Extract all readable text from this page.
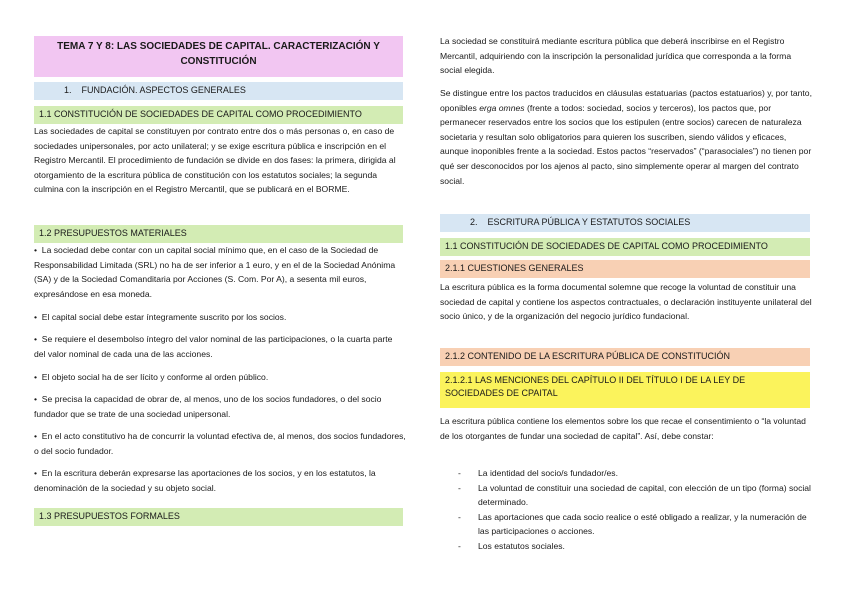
TEMA 7 Y 8: LAS SOCIEDADES DE CAPITAL. CARACTERIZACIÓN Y CONSTITUCIÓN
1. FUNDACIÓN. ASPECTOS GENERALES
1.1 CONSTITUCIÓN DE SOCIEDADES DE CAPITAL COMO PROCEDIMIENTO

Las sociedades de capital se constituyen por contrato entre dos o más personas o, en caso de sociedades unipersonales, por acto unilateral; y se exige escritura pública e inscripción en el Registro Mercantil. El procedimiento de fundación se divide en dos fases: la primera, dirigida al otorgamiento de la escritura pública de constitución con los estatutos sociales; la segunda culmina con la inscripción en el Registro Mercantil, que se publicará en el BORME.

1.2 PRESUPUESTOS MATERIALES

•  La sociedad debe contar con un capital social mínimo que, en el caso de la Sociedad de Responsabilidad Limitada (SRL) no ha de ser inferior a 1 euro, y en el de la Sociedad Anónima (SA) y de la Sociedad Comanditaria por Acciones (S. Com. Por A), a sesenta mil euros, expresándose en esa moneda.

•  El capital social debe estar íntegramente suscrito por los socios.

•  Se requiere el desembolso íntegro del valor nominal de las participaciones, o la cuarta parte del valor nominal de cada una de las acciones.

•  El objeto social ha de ser lícito y conforme al orden público.

•  Se precisa la capacidad de obrar de, al menos, uno de los socios fundadores, o del socio fundador que se trate de una sociedad unipersonal.

•  En el acto constitutivo ha de concurrir la voluntad efectiva de, al menos, dos socios fundadores, o del socio fundador.

•  En la escritura deberán expresarse las aportaciones de los socios, y en los estatutos, la denominación de la sociedad y su objeto social.

1.3 PRESUPUESTOS FORMALES

La sociedad se constituirá mediante escritura pública que deberá inscribirse en el Registro Mercantil, adquiriendo con la inscripción la personalidad jurídica que corresponda a la forma social elegida.

Se distingue entre los pactos traducidos en cláusulas estatuarias (pactos estatuarios) y, por tanto, oponibles erga omnes (frente a todos: sociedad, socios y terceros), los pactos que, por permanecer reservados entre los socios que los estipulen (entre socios) carecen de naturaleza societaria y resultan solo obligatorios para quieren los suscriben, siendo válidos y eficaces, aunque inoponibles frente a la sociedad. Estos pactos “reservados” (“parasociales”) no tienen por qué ser desconocidos por los ajenos al pacto, sino simplemente operar al margen del contrato social.

2. ESCRITURA PÚBLICA Y ESTATUTOS SOCIALES
1.1 CONSTITUCIÓN DE SOCIEDADES DE CAPITAL COMO PROCEDIMIENTO
2.1.1 CUESTIONES GENERALES

La escritura pública es la forma documental solemne que recoge la voluntad de constituir una sociedad de capital y contiene los aspectos contractuales, o declaración instituyente unilateral del socio único, y de la organización del negocio jurídico fundacional.

2.1.2 CONTENIDO DE LA ESCRITURA PÚBLICA DE CONSTITUCIÓN
2.1.2.1 LAS MENCIONES DEL CAPÍTULO II DEL TÍTULO I DE LA LEY DE SOCIEDADES DE CPAITAL

La escritura pública contiene los elementos sobre los que recae el consentimiento o “la voluntad de los otorgantes de fundar una sociedad de capital”. Así, debe constar:

- La identidad del socio/s fundador/es.
- La voluntad de constituir una sociedad de capital, con elección de un tipo (forma) social determinado.
- Las aportaciones que cada socio realice o esté obligado a realizar, y la numeración de las participaciones o acciones.
- Los estatutos sociales.
